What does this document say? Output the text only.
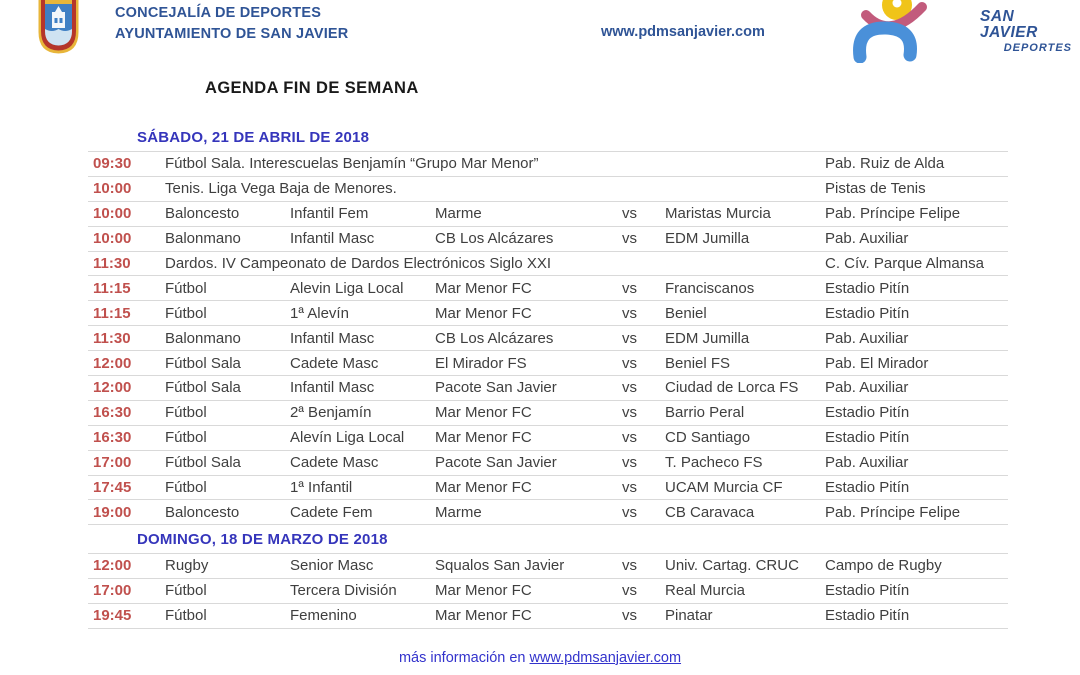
CONCEJALÍA DE DEPORTES
AYUNTAMIENTO DE SAN JAVIER	www.pdmsanjavier.com
SAN JAVIER
DEPORTES
AGENDA FIN DE SEMANA
SÁBADO, 21 DE ABRIL DE 2018
09:30	Fútbol Sala. Interescuelas Benjamín “Grupo Mar Menor”	Pab. Ruiz de Alda
10:00	Tenis. Liga Vega Baja de Menores.	Pistas de Tenis
10:00	Baloncesto	Infantil Fem	Marme	vs	Maristas Murcia	Pab. Príncipe Felipe
10:00	Balonmano	Infantil Masc	CB Los Alcázares	vs	EDM Jumilla	Pab. Auxiliar
11:30	Dardos. IV Campeonato de Dardos Electrónicos Siglo XXI	C. Cív. Parque Almansa
11:15	Fútbol	Alevin Liga Local	Mar Menor FC	vs	Franciscanos	Estadio Pitín
11:15	Fútbol	1ª Alevín	Mar Menor FC	vs	Beniel	Estadio Pitín
11:30	Balonmano	Infantil Masc	CB Los Alcázares	vs	EDM Jumilla	Pab. Auxiliar
12:00	Fútbol Sala	Cadete Masc	El Mirador FS	vs	Beniel FS	Pab. El Mirador
12:00	Fútbol Sala	Infantil Masc	Pacote San Javier	vs	Ciudad de Lorca FS	Pab. Auxiliar
16:30	Fútbol	2ª Benjamín	Mar Menor FC	vs	Barrio Peral	Estadio Pitín
16:30	Fútbol	Alevín Liga Local	Mar Menor FC	vs	CD Santiago	Estadio Pitín
17:00	Fútbol Sala	Cadete Masc	Pacote San Javier	vs	T. Pacheco FS	Pab. Auxiliar
17:45	Fútbol	1ª Infantil	Mar Menor FC	vs	UCAM Murcia CF	Estadio Pitín
19:00	Baloncesto	Cadete Fem	Marme	vs	CB Caravaca	Pab. Príncipe Felipe
DOMINGO, 18 DE MARZO DE 2018
12:00	Rugby	Senior Masc	Squalos San Javier	vs	Univ. Cartag. CRUC	Campo de Rugby
17:00	Fútbol	Tercera División	Mar Menor FC	vs	Real Murcia	Estadio Pitín
19:45	Fútbol	Femenino	Mar Menor FC	vs	Pinatar	Estadio Pitín
más información en www.pdmsanjavier.com
